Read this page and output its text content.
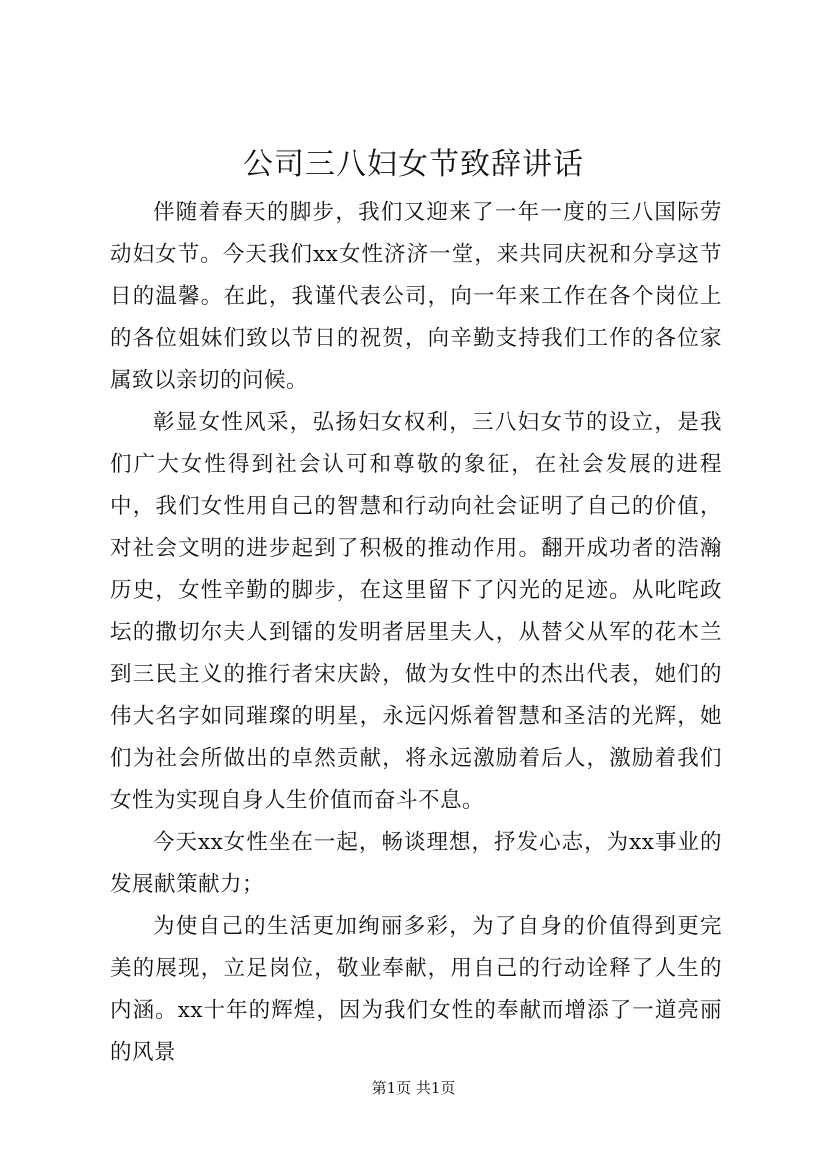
公司三八妇女节致辞讲话

伴随着春天的脚步，我们又迎来了一年一度的三八国际劳动妇女节。今天我们xx女性济济一堂，来共同庆祝和分享这节日的温馨。在此，我谨代表公司，向一年来工作在各个岗位上的各位姐妹们致以节日的祝贺，向辛勤支持我们工作的各位家属致以亲切的问候。

彰显女性风采，弘扬妇女权利，三八妇女节的设立，是我们广大女性得到社会认可和尊敬的象征，在社会发展的进程中，我们女性用自己的智慧和行动向社会证明了自己的价值，对社会文明的进步起到了积极的推动作用。翻开成功者的浩瀚历史，女性辛勤的脚步，在这里留下了闪光的足迹。从叱咤政坛的撒切尔夫人到镭的发明者居里夫人，从替父从军的花木兰到三民主义的推行者宋庆龄，做为女性中的杰出代表，她们的伟大名字如同璀璨的明星，永远闪烁着智慧和圣洁的光辉，她们为社会所做出的卓然贡献，将永远激励着后人，激励着我们女性为实现自身人生价值而奋斗不息。

今天xx女性坐在一起，畅谈理想，抒发心志，为xx事业的发展献策献力；

为使自己的生活更加绚丽多彩，为了自身的价值得到更完美的展现，立足岗位，敬业奉献，用自己的行动诠释了人生的内涵。xx十年的辉煌，因为我们女性的奉献而增添了一道亮丽的风景

第1页 共1页
